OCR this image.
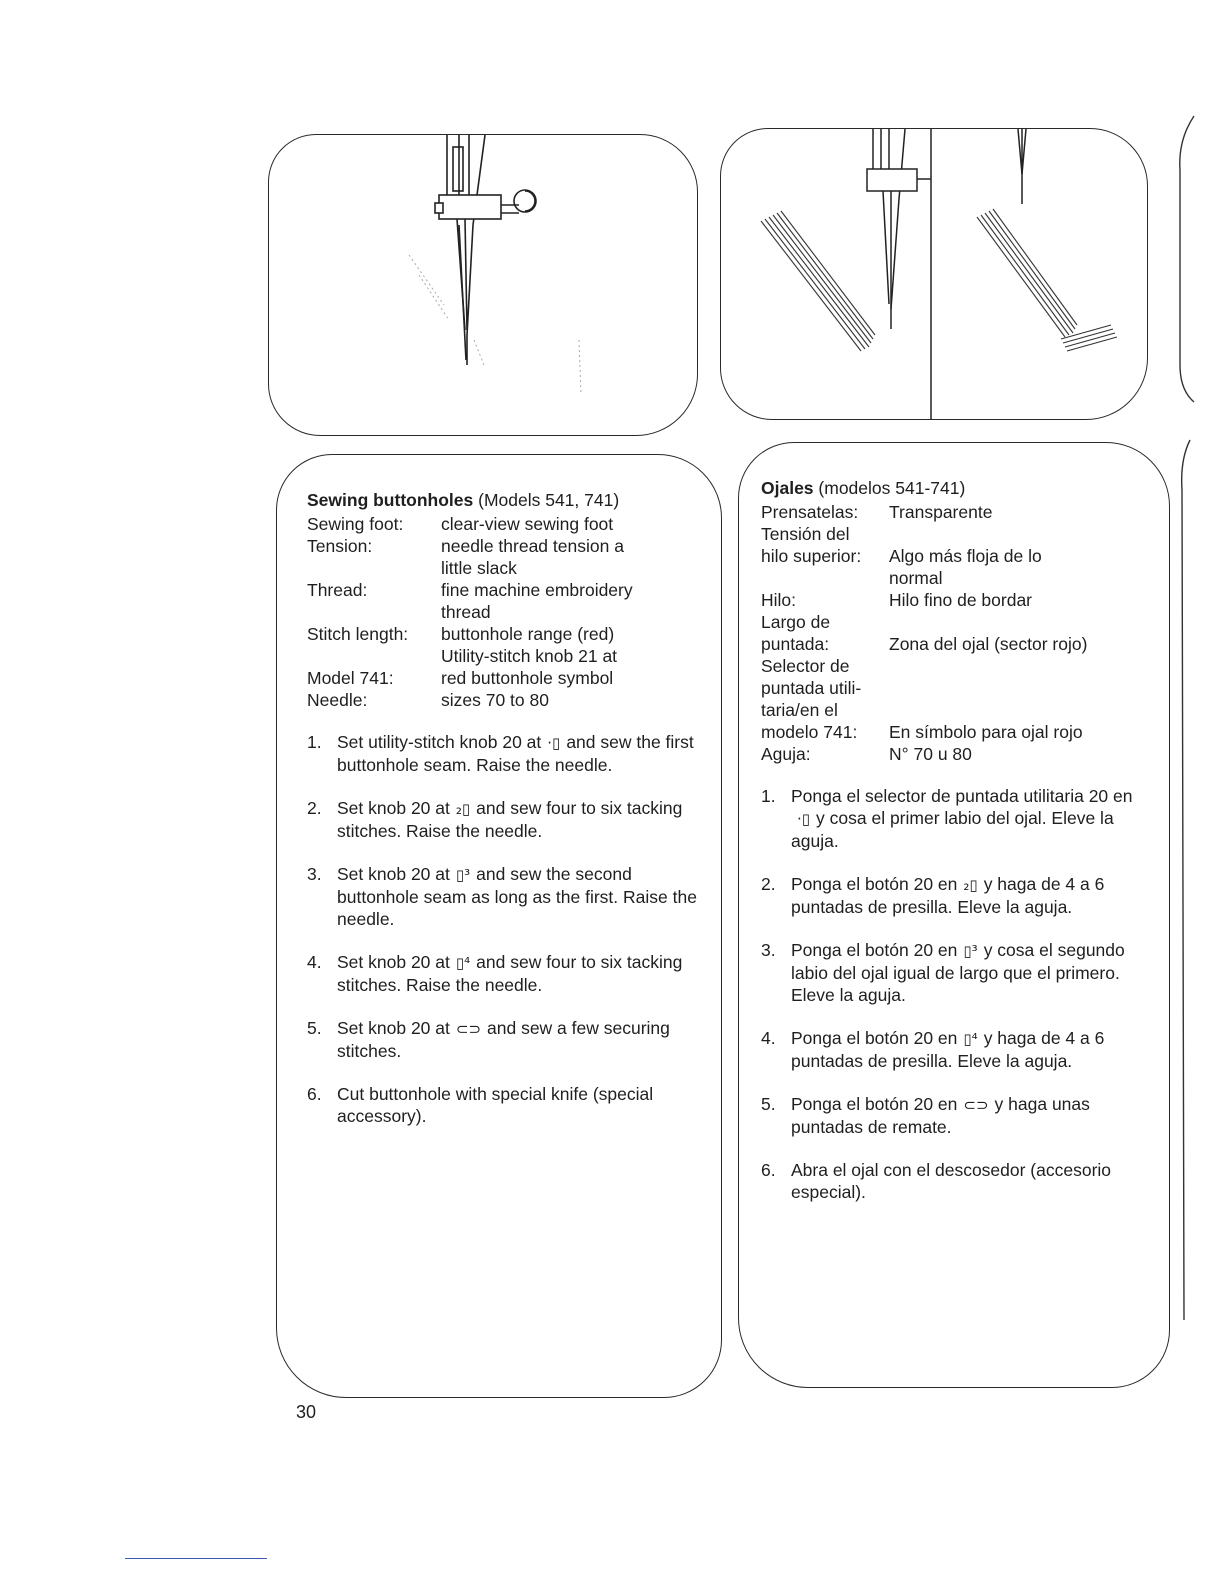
Sewing buttonholes (Models 541, 741)
Sewing foot:	clear-view sewing foot
Tension:	needle thread tension a
little slack
Thread:	fine machine embroidery
thread
Stitch length:	buttonhole range (red)
Utility-stitch knob 21 at
Model 741:	red buttonhole symbol
Needle:	sizes 70 to 80
1. Set utility-stitch knob 20 at ·▯ and sew the first buttonhole seam. Raise the needle.
2. Set knob 20 at ₂▯ and sew four to six tacking stitches. Raise the needle.
3. Set knob 20 at ▯³ and sew the second buttonhole seam as long as the first. Raise the needle.
4. Set knob 20 at ▯⁴ and sew four to six tacking stitches. Raise the needle.
5. Set knob 20 at ⊂⊃ and sew a few securing stitches.
6. Cut buttonhole with special knife (special accessory).
Ojales (modelos 541-741)
Prensatelas:	Transparente
Tensión del
hilo superior:	
Algo más floja de lo
normal
Hilo:	Hilo fino de bordar
Largo de
puntada:	
Zona del ojal (sector rojo)
Selector de
puntada utili-
taria/en el
modelo 741:	

En símbolo para ojal rojo
Aguja:	N° 70 u 80
1. Ponga el selector de puntada utilitaria 20 en·▯ y cosa el primer labio del ojal. Eleve la aguja.
2. Ponga el botón 20 en ₂▯ y haga de 4 a 6 puntadas de presilla. Eleve la aguja.
3. Ponga el botón 20 en ▯³ y cosa el segundo labio del ojal igual de largo que el primero. Eleve la aguja.
4. Ponga el botón 20 en ▯⁴ y haga de 4 a 6 puntadas de presilla. Eleve la aguja.
5. Ponga el botón 20 en ⊂⊃ y haga unas puntadas de remate.
6. Abra el ojal con el descosedor (accesorio especial).
30
